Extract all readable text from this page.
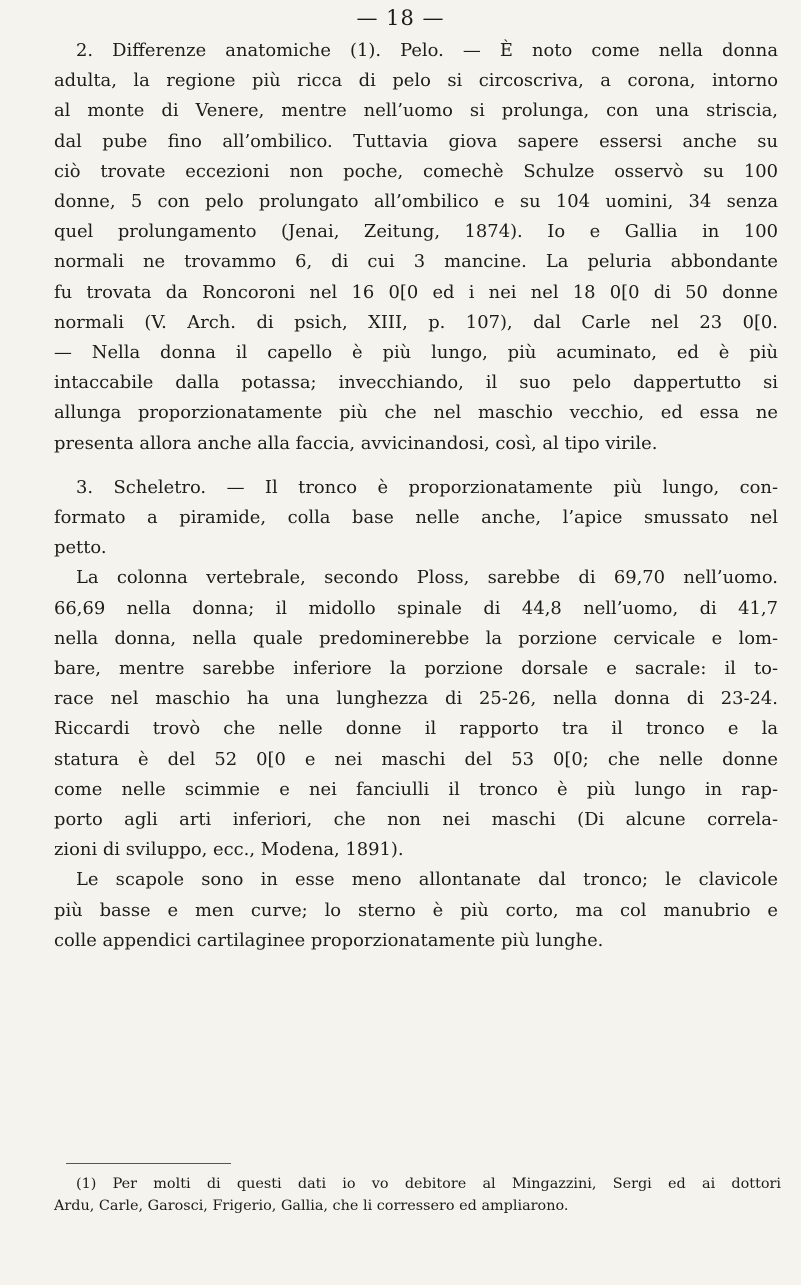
— 18 —

2. Differenze anatomiche (1). Pelo. — È noto come nella donna

adulta, la regione più ricca di pelo si circoscriva, a corona, intorno

al monte di Venere, mentre nell’uomo si prolunga, con una striscia,

dal pube fino all’ombilico. Tuttavia giova sapere essersi anche su

ciò trovate eccezioni non poche, comechè Schulze osservò su 100

donne, 5 con pelo prolungato all’ombilico e su 104 uomini, 34 senza

quel prolungamento (Jenai, Zeitung, 1874). Io e Gallia in 100

normali ne trovammo 6, di cui 3 mancine. La peluria abbondante

fu trovata da Roncoroni nel 16 0[0 ed i nei nel 18 0[0 di 50 donne

normali (V. Arch. di psich, XIII, p. 107), dal Carle nel 23 0[0.

— Nella donna il capello è più lungo, più acuminato, ed è più

intaccabile dalla potassa; invecchiando, il suo pelo dappertutto si

allunga proporzionatamente più che nel maschio vecchio, ed essa ne

presenta allora anche alla faccia, avvicinandosi, così, al tipo virile.

3. Scheletro. — Il tronco è proporzionatamente più lungo, con-

formato a piramide, colla base nelle anche, l’apice smussato nel

petto.

La colonna vertebrale, secondo Ploss, sarebbe di 69,70 nell’uomo.

66,69 nella donna; il midollo spinale di 44,8 nell’uomo, di 41,7

nella donna, nella quale predominerebbe la porzione cervicale e lom-

bare, mentre sarebbe inferiore la porzione dorsale e sacrale: il to-

race nel maschio ha una lunghezza di 25-26, nella donna di 23-24.

Riccardi trovò che nelle donne il rapporto tra il tronco e la

statura è del 52 0[0 e nei maschi del 53 0[0; che nelle donne

come nelle scimmie e nei fanciulli il tronco è più lungo in rap-

porto agli arti inferiori, che non nei maschi (Di alcune correla-

zioni di sviluppo, ecc., Modena, 1891).

Le scapole sono in esse meno allontanate dal tronco; le clavicole

più basse e men curve; lo sterno è più corto, ma col manubrio e

colle appendici cartilaginee proporzionatamente più lunghe.

(1) Per molti di questi dati io vo debitore al Mingazzini, Sergi ed ai dottori

Ardu, Carle, Garosci, Frigerio, Gallia, che li corressero ed ampliarono.
